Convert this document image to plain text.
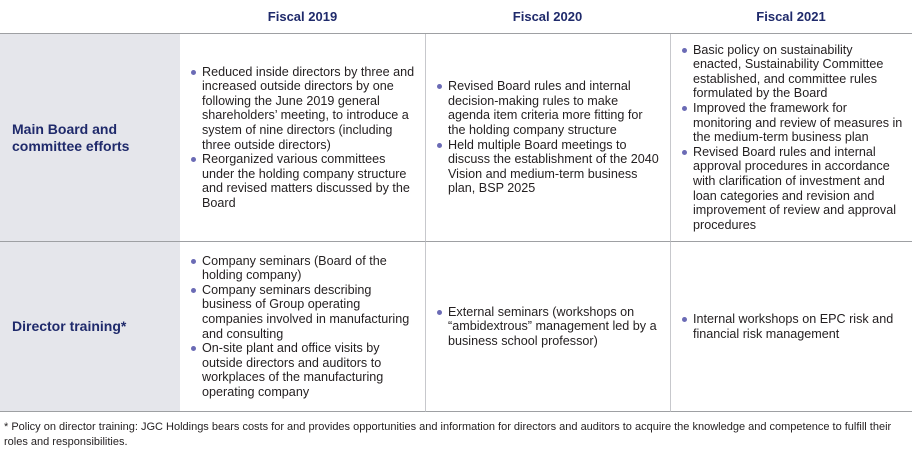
Fiscal 2019	Fiscal 2020	Fiscal 2021
Main Board and committee efforts
Reduced inside directors by three and increased outside directors by one following the June 2019 general shareholders’ meeting, to introduce a system of nine directors (including three outside directors)
Reorganized various committees under the holding company structure and revised matters discussed by the Board
Revised Board rules and internal decision-making rules to make agenda item criteria more fitting for the holding company structure
Held multiple Board meetings to discuss the establishment of the 2040 Vision and medium-term business plan, BSP 2025
Basic policy on sustainability enacted, Sustainability Committee established, and committee rules formulated by the Board
Improved the framework for monitoring and review of measures in the medium-term business plan
Revised Board rules and internal approval procedures in accordance with clarification of investment and loan categories and revision and improvement of review and approval procedures
Director training*
Company seminars (Board of the holding company)
Company seminars describing business of Group operating companies involved in manufacturing and consulting
On-site plant and office visits by outside directors and auditors to workplaces of the manufacturing operating company
External seminars (workshops on “ambidextrous” management led by a business school professor)
Internal workshops on EPC risk and financial risk management
* Policy on director training: JGC Holdings bears costs for and provides opportunities and information for directors and auditors to acquire the knowledge and competence to fulfill their roles and responsibilities.
